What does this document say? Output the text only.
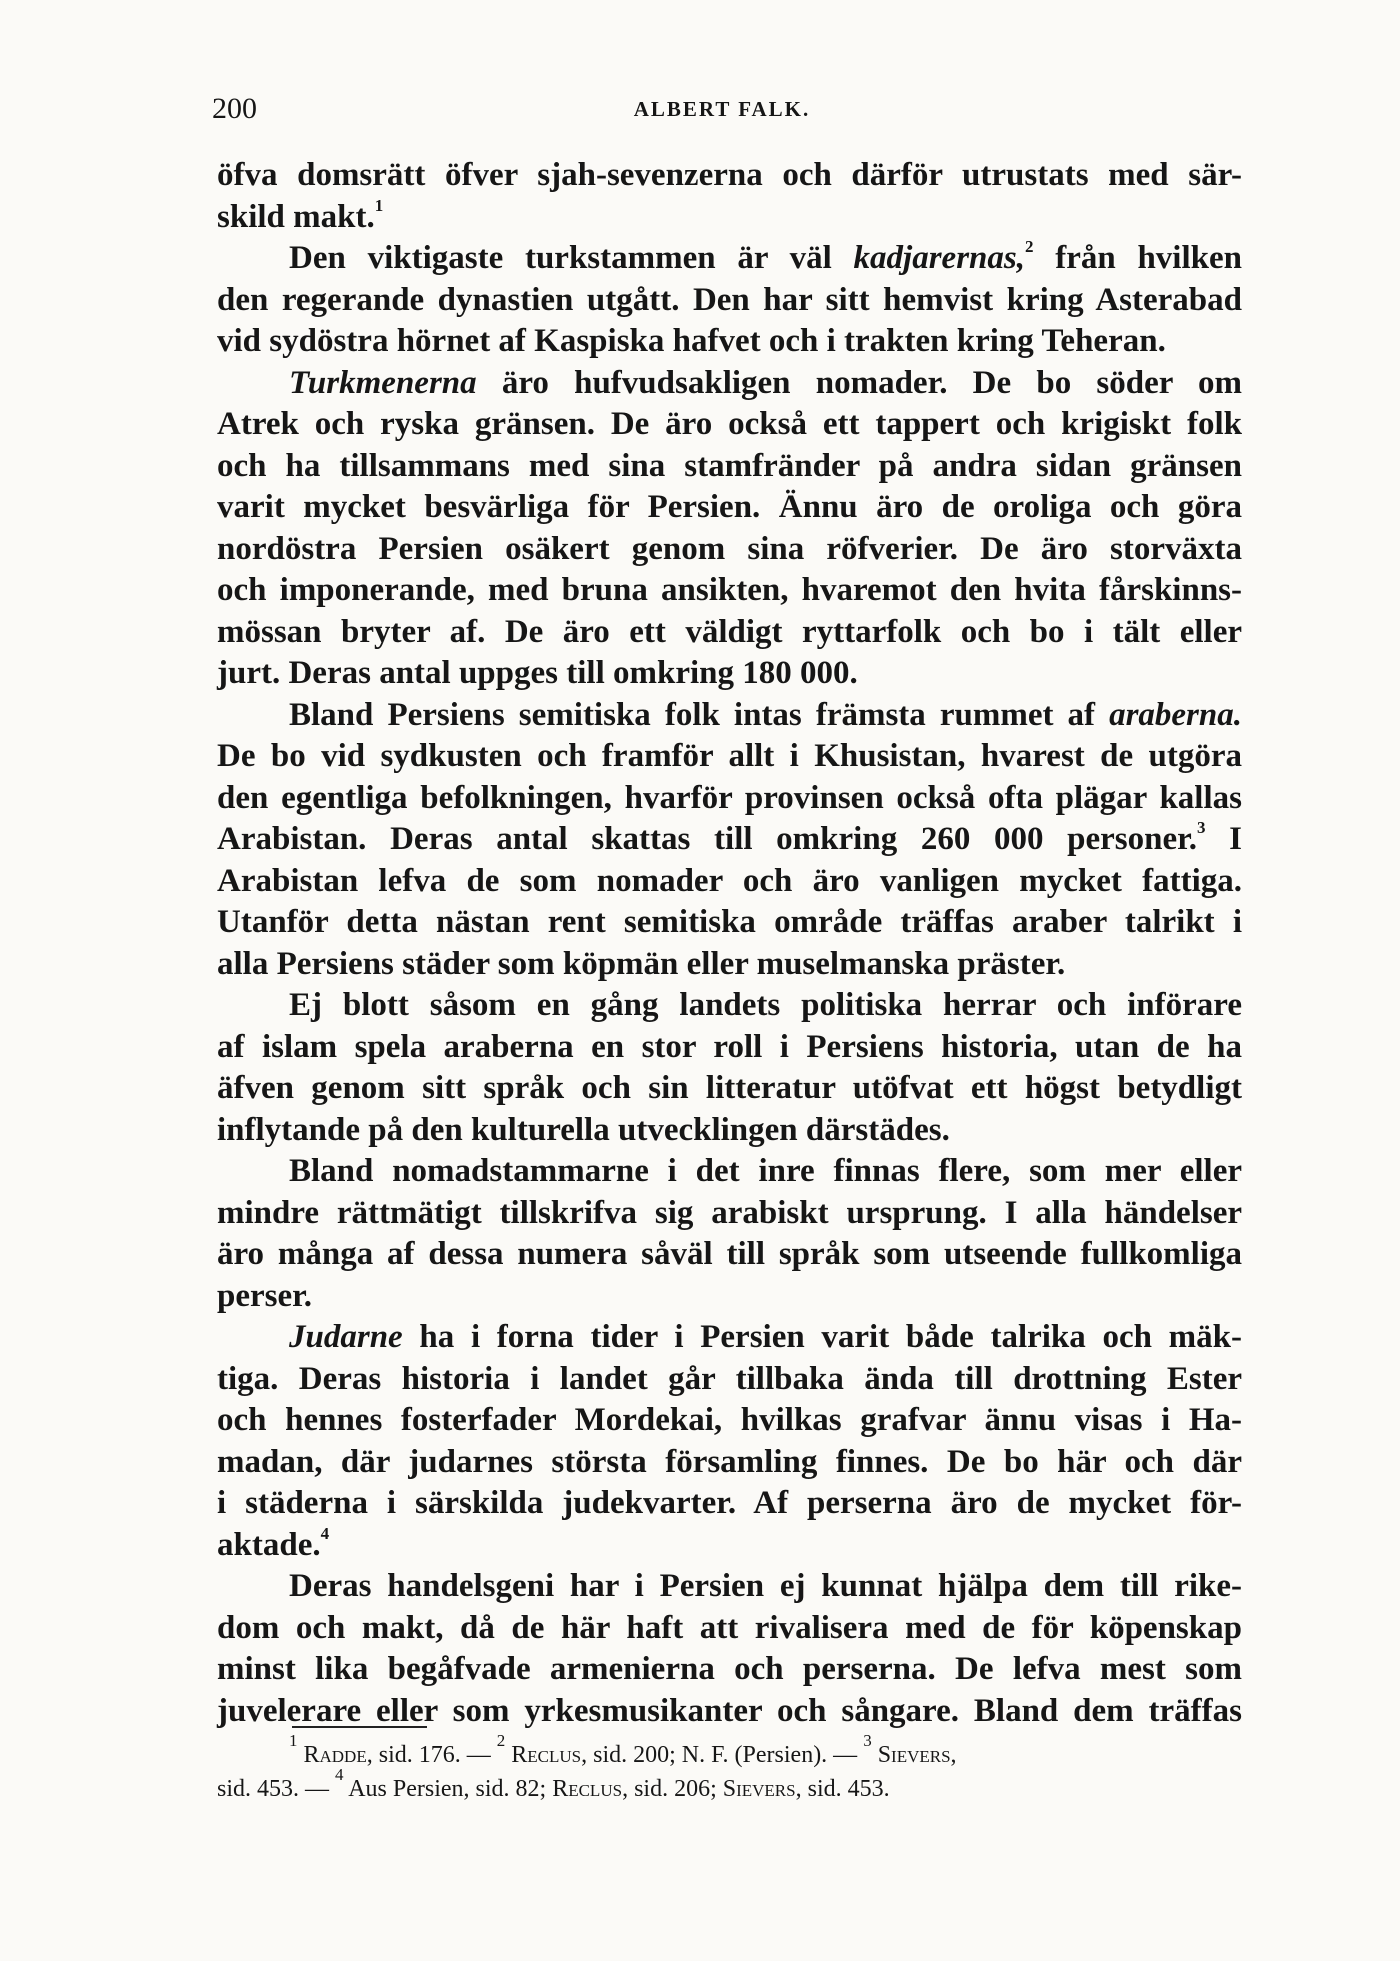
200	ALBERT FALK.
öfva domsrätt öfver sjah-sevenzerna och därför utrustats med sär-
skild makt.$^1$
Den viktigaste turkstammen är väl kadjarernas,$^2$ från hvilken
den regerande dynastien utgått. Den har sitt hemvist kring Asterabad
vid sydöstra hörnet af Kaspiska hafvet och i trakten kring Teheran.
Turkmenerna äro hufvudsakligen nomader. De bo söder om
Atrek och ryska gränsen. De äro också ett tappert och krigiskt folk
och ha tillsammans med sina stamfränder på andra sidan gränsen
varit mycket besvärliga för Persien. Ännu äro de oroliga och göra
nordöstra Persien osäkert genom sina röfverier. De äro storväxta
och imponerande, med bruna ansikten, hvaremot den hvita fårskinns-
mössan bryter af. De äro ett väldigt ryttarfolk och bo i tält eller
jurt. Deras antal uppges till omkring 180 000.
Bland Persiens semitiska folk intas främsta rummet af araberna.
De bo vid sydkusten och framför allt i Khusistan, hvarest de utgöra
den egentliga befolkningen, hvarför provinsen också ofta plägar kallas
Arabistan. Deras antal skattas till omkring 260 000 personer.$^3$ I
Arabistan lefva de som nomader och äro vanligen mycket fattiga.
Utanför detta nästan rent semitiska område träffas araber talrikt i
alla Persiens städer som köpmän eller muselmanska präster.
Ej blott såsom en gång landets politiska herrar och införare
af islam spela araberna en stor roll i Persiens historia, utan de ha
äfven genom sitt språk och sin litteratur utöfvat ett högst betydligt
inflytande på den kulturella utvecklingen därstädes.
Bland nomadstammarne i det inre finnas flere, som mer eller
mindre rättmätigt tillskrifva sig arabiskt ursprung. I alla händelser
äro många af dessa numera såväl till språk som utseende fullkomliga
perser.
Judarne ha i forna tider i Persien varit både talrika och mäk-
tiga. Deras historia i landet går tillbaka ända till drottning Ester
och hennes fosterfader Mordekai, hvilkas grafvar ännu visas i Ha-
madan, där judarnes största församling finnes. De bo här och där
i städerna i särskilda judekvarter. Af perserna äro de mycket för-
aktade.$^4$
Deras handelsgeni har i Persien ej kunnat hjälpa dem till rike-
dom och makt, då de här haft att rivalisera med de för köpenskap
minst lika begåfvade armenierna och perserna. De lefva mest som
juvelerare eller som yrkesmusikanter och sångare. Bland dem träffas
$^1$ Radde, sid. 176. — $^2$ Reclus, sid. 200; N. F. (Persien). — $^3$ Sievers,
sid. 453. — $^4$ Aus Persien, sid. 82; Reclus, sid. 206; Sievers, sid. 453.
